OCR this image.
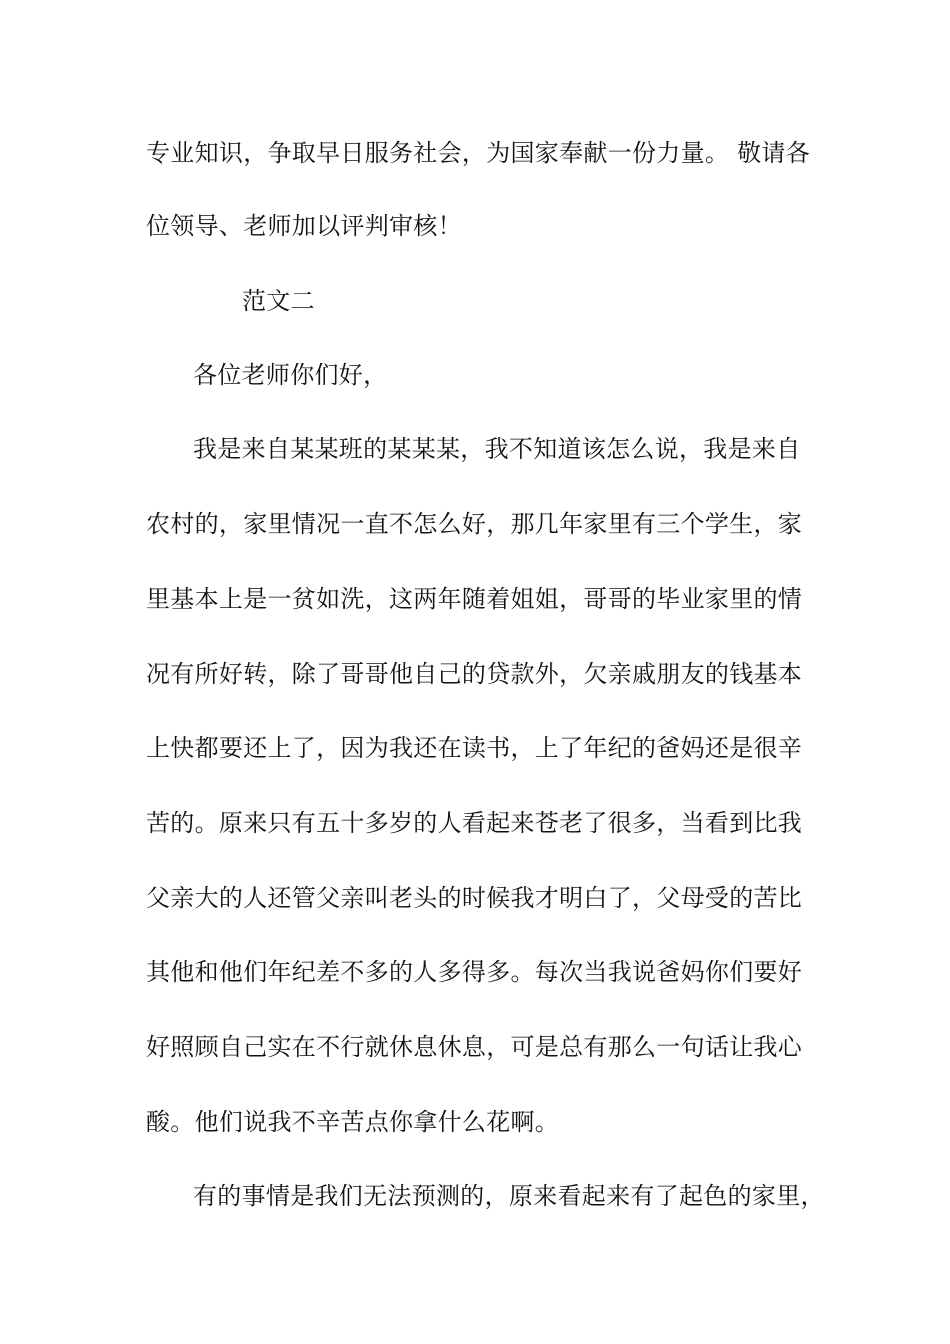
专业知识，争取早日服务社会，为国家奉献一份力量。 敬请各
位领导、老师加以评判审核！
范文二
各位老师你们好，
我是来自某某班的某某某，我不知道该怎么说，我是来自
农村的，家里情况一直不怎么好，那几年家里有三个学生，家
里基本上是一贫如洗，这两年随着姐姐，哥哥的毕业家里的情
况有所好转，除了哥哥他自己的贷款外，欠亲戚朋友的钱基本
上快都要还上了，因为我还在读书，上了年纪的爸妈还是很辛
苦的。原来只有五十多岁的人看起来苍老了很多，当看到比我
父亲大的人还管父亲叫老头的时候我才明白了，父母受的苦比
其他和他们年纪差不多的人多得多。每次当我说爸妈你们要好
好照顾自己实在不行就休息休息，可是总有那么一句话让我心
酸。他们说我不辛苦点你拿什么花啊。
有的事情是我们无法预测的，原来看起来有了起色的家里，
